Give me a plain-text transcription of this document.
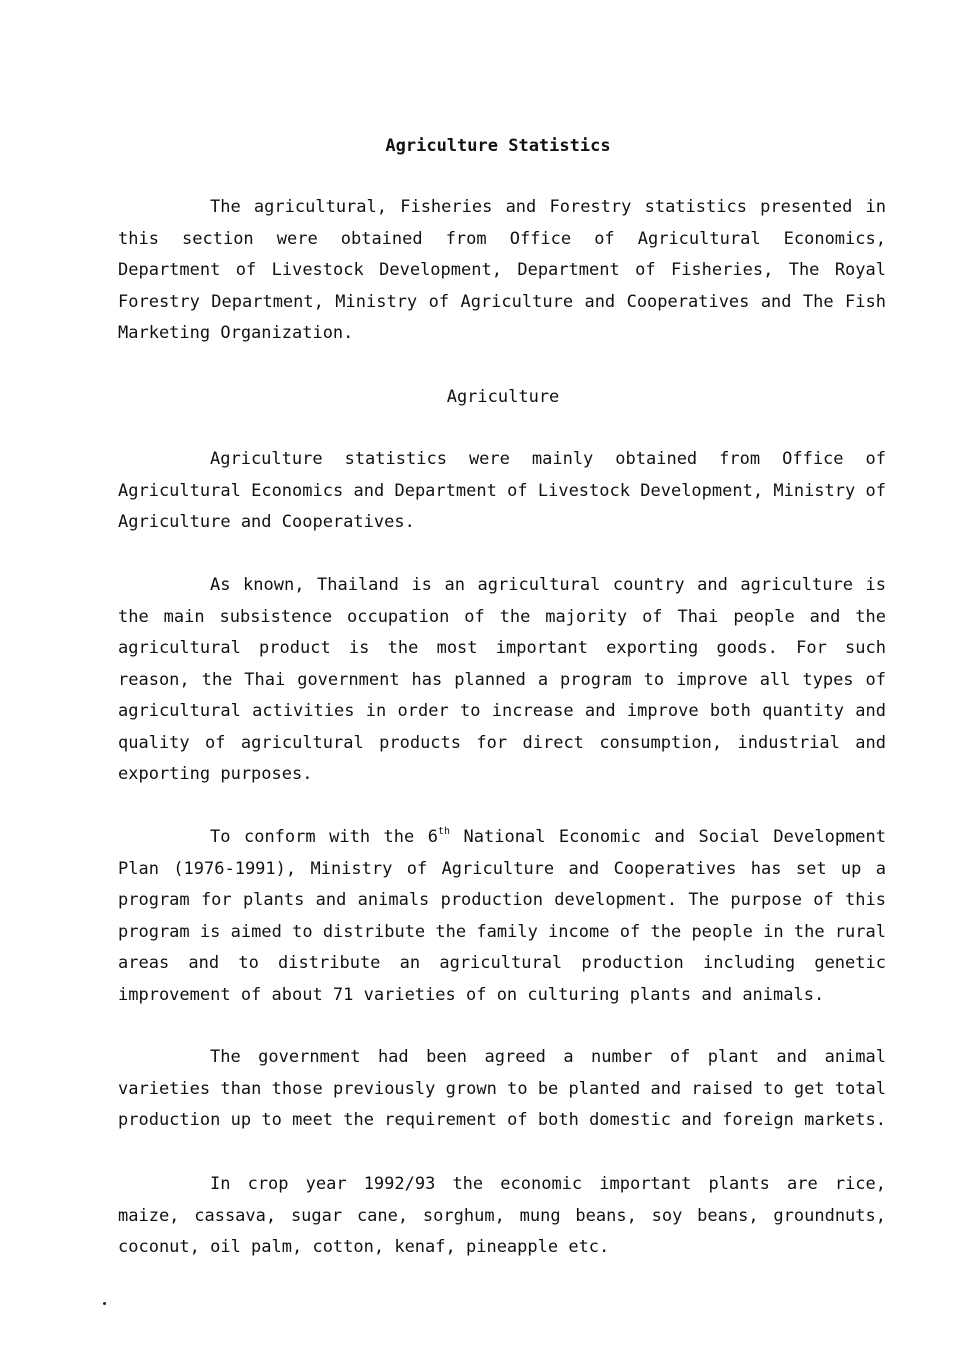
Agriculture Statistics
The agricultural, Fisheries and Forestry statistics presented in
this section were obtained from Office of Agricultural Economics,
Department of Livestock Development, Department of Fisheries, The Royal
Forestry Department, Ministry of Agriculture and Cooperatives and The Fish
Marketing Organization.
Agriculture
Agriculture statistics were mainly obtained from Office of
Agricultural Economics and Department of Livestock Development, Ministry of
Agriculture and Cooperatives.
As known, Thailand is an agricultural country and agriculture is
the main subsistence occupation of the majority of Thai people and the
agricultural product is the most important exporting goods. For such
reason, the Thai government has planned a program to improve all types of
agricultural activities in order to increase and improve both quantity and
quality of agricultural products for direct consumption, industrial and
exporting purposes.
To conform with the 6th National Economic and Social Development
Plan (1976-1991), Ministry of Agriculture and Cooperatives has set up a
program for plants and animals production development. The purpose of this
program is aimed to distribute the family income of the people in the rural
areas and to distribute an agricultural production including genetic
improvement of about 71 varieties of on culturing plants and animals.
The government had been agreed a number of plant and animal
varieties than those previously grown to be planted and raised to get total
production up to meet the requirement of both domestic and foreign markets.
In crop year 1992/93 the economic important plants are rice,
maize, cassava, sugar cane, sorghum, mung beans, soy beans, groundnuts,
coconut, oil palm, cotton, kenaf, pineapple etc.
